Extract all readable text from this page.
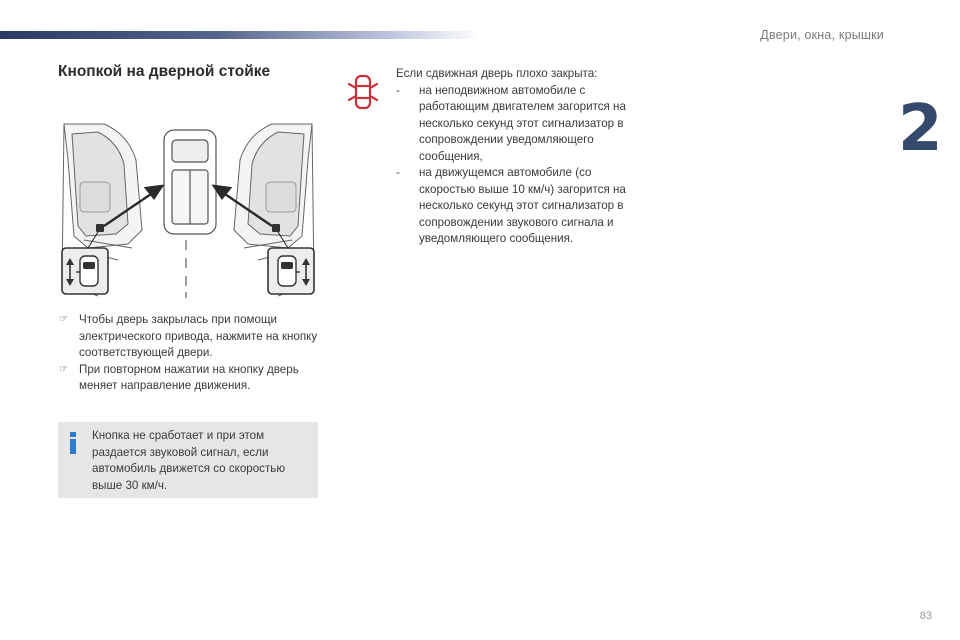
Двери, окна, крышки
2
Кнопкой на дверной стойке

☞ Чтобы дверь закрылась при помощи электрического привода, нажмите на кнопку соответствующей двери.

☞ При повторном нажатии на кнопку дверь меняет направление движения.

Кнопка не сработает и при этом раздается звуковой сигнал, если автомобиль движется со скоростью выше 30 км/ч.

Если сдвижная дверь плохо закрыта:

- на неподвижном автомобиле с работающим двигателем загорится на несколько секунд этот сигнализатор в сопровождении уведомляющего сообщения,

- на движущемся автомобиле (со скоростью выше 10 км/ч) загорится на несколько секунд этот сигнализатор в сопровождении звукового сигнала и уведомляющего сообщения.

83
